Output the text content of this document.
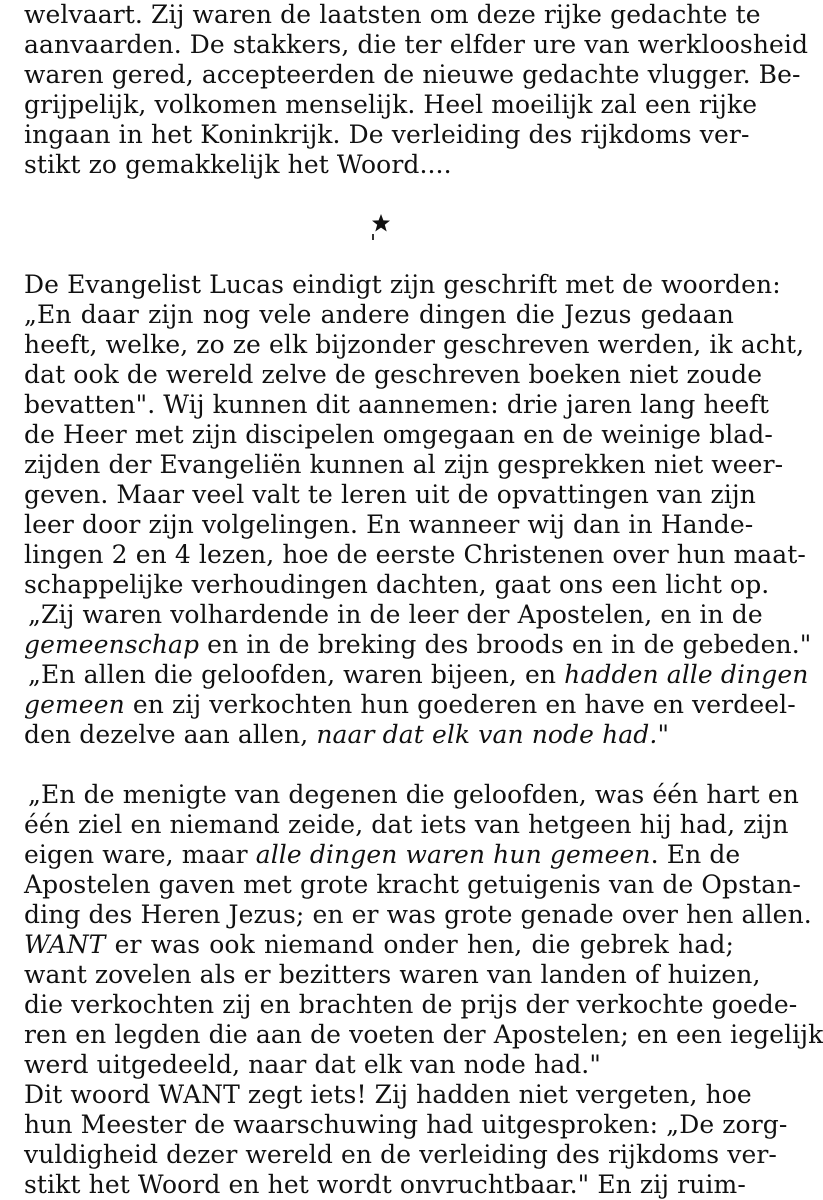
welvaart. Zij waren de laatsten om deze rijke gedachte te

aanvaarden. De stakkers, die ter elfder ure van werkloosheid

waren gered, accepteerden de nieuwe gedachte vlugger. Be-

grijpelijk, volkomen menselijk. Heel moeilijk zal een rijke

ingaan in het Koninkrijk. De verleiding des rijkdoms ver-

stikt zo gemakkelijk het Woord....

De Evangelist Lucas eindigt zijn geschrift met de woorden:

„En daar zijn nog vele andere dingen die Jezus gedaan

heeft, welke, zo ze elk bijzonder geschreven werden, ik acht,

dat ook de wereld zelve de geschreven boeken niet zoude

bevatten". Wij kunnen dit aannemen: drie jaren lang heeft

de Heer met zijn discipelen omgegaan en de weinige blad-

zijden der Evangeliën kunnen al zijn gesprekken niet weer-

geven. Maar veel valt te leren uit de opvattingen van zijn

leer door zijn volgelingen. En wanneer wij dan in Hande-

lingen 2 en 4 lezen, hoe de eerste Christenen over hun maat-

schappelijke verhoudingen dachten, gaat ons een licht op.

„Zij waren volhardende in de leer der Apostelen, en in de

gemeenschap en in de breking des broods en in de gebeden."

„En allen die geloofden, waren bijeen, en hadden alle dingen

gemeen en zij verkochten hun goederen en have en verdeel-

den dezelve aan allen, naar dat elk van node had."

„En de menigte van degenen die geloofden, was één hart en

één ziel en niemand zeide, dat iets van hetgeen hij had, zijn

eigen ware, maar alle dingen waren hun gemeen. En de

Apostelen gaven met grote kracht getuigenis van de Opstan-

ding des Heren Jezus; en er was grote genade over hen allen.

WANT er was ook niemand onder hen, die gebrek had;

want zovelen als er bezitters waren van landen of huizen,

die verkochten zij en brachten de prijs der verkochte goede-

ren en legden die aan de voeten der Apostelen; en een iegelijk

werd uitgedeeld, naar dat elk van node had."

Dit woord WANT zegt iets! Zij hadden niet vergeten, hoe

hun Meester de waarschuwing had uitgesproken: „De zorg-

vuldigheid dezer wereld en de verleiding des rijkdoms ver-

stikt het Woord en het wordt onvruchtbaar." En zij ruim-
